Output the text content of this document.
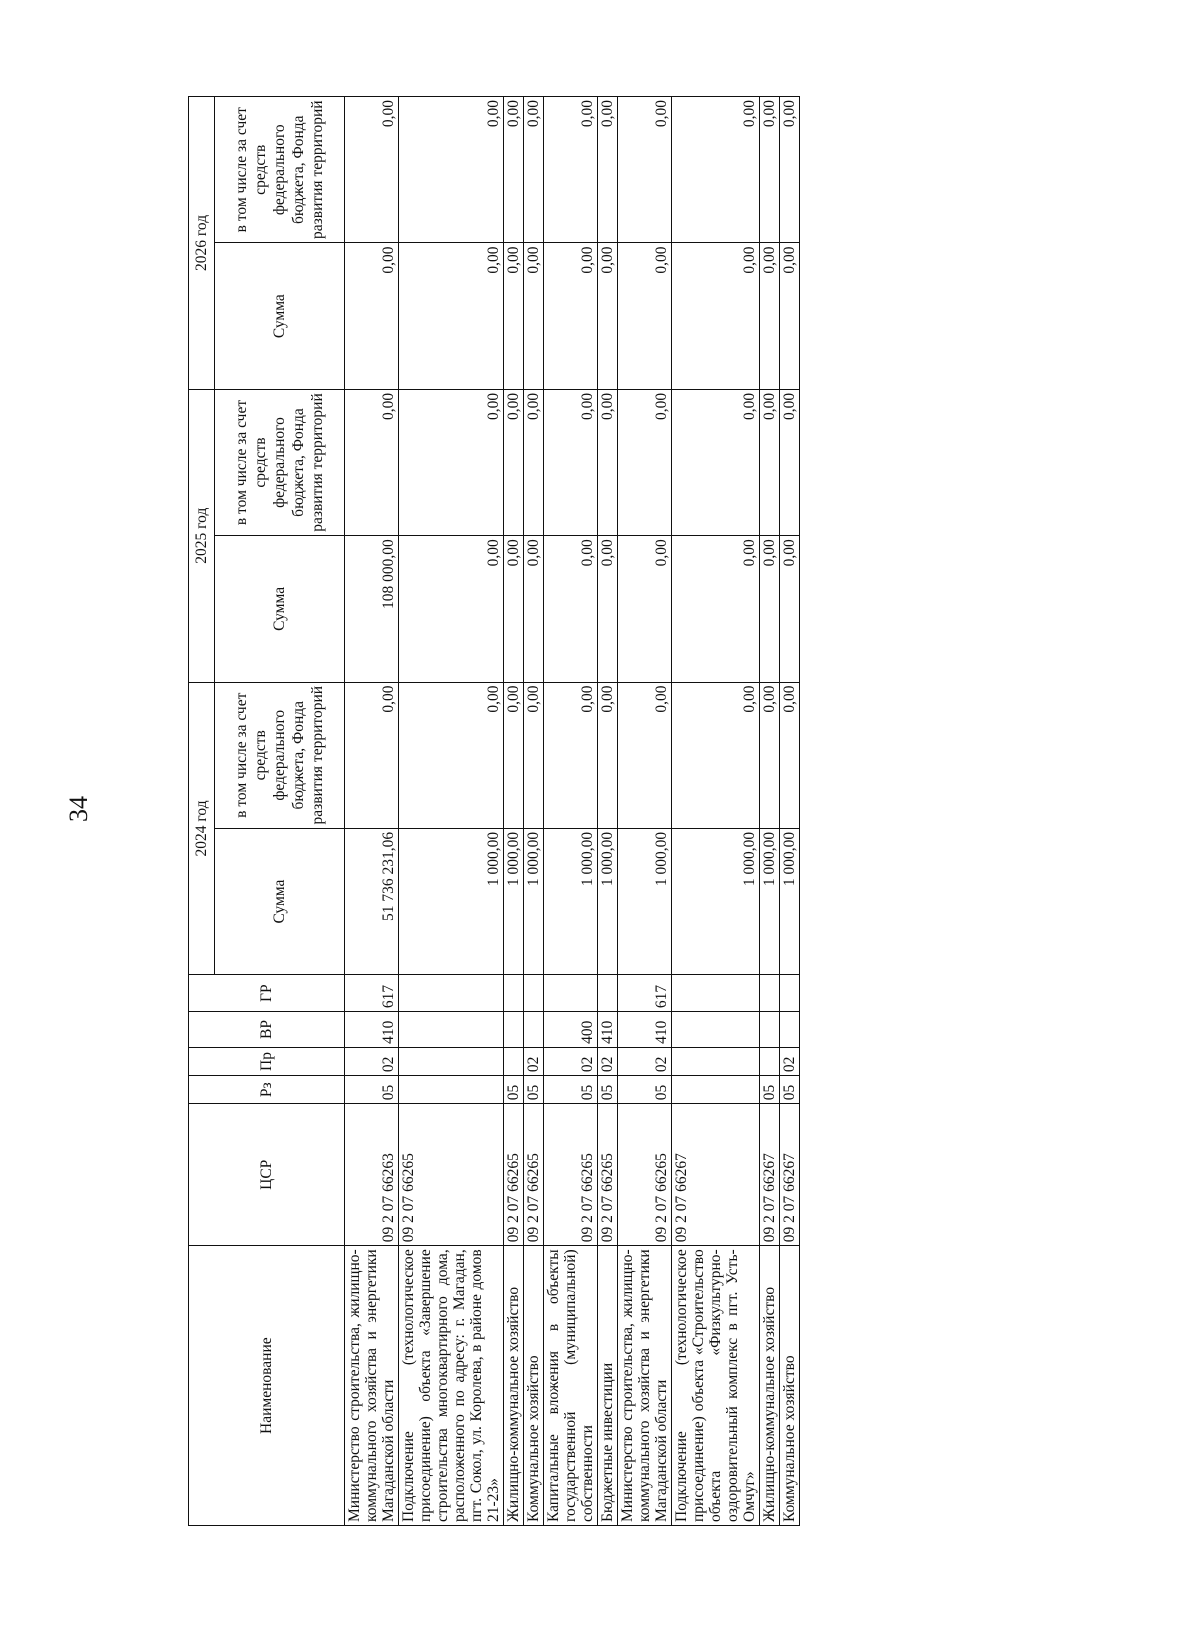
34
Наименование	ЦСР	Рз	Пр	ВР	ГР	2024 год		2025 год		2026 год	
						Сумма	в том числе за счет средств федерального бюджета, Фонда развития территорий	Сумма	в том числе за счет средств федерального бюджета, Фонда развития территорий	Сумма	в том числе за счет средств федерального бюджета, Фонда развития территорий
Министерство строительства, жилищно-коммунального хозяйства и энергетики Магаданской области	09 2 07 66263	05	02	410	617	51 736 231,06	0,00	108 000,00	0,00	0,00	0,00
Подключение (технологическое присоединение) объекта «Завершение строительства многоквартирного дома, расположенного по адресу: г. Магадан, пгт. Сокол, ул. Королева, в районе домов 21-23»	09 2 07 66265					1 000,00	0,00	0,00	0,00	0,00	0,00
Жилищно-коммунальное хозяйство	09 2 07 66265	05				1 000,00	0,00	0,00	0,00	0,00	0,00
Коммунальное хозяйство	09 2 07 66265	05	02			1 000,00	0,00	0,00	0,00	0,00	0,00
Капитальные вложения в объекты государственной (муниципальной) собственности	09 2 07 66265	05	02	400		1 000,00	0,00	0,00	0,00	0,00	0,00
Бюджетные инвестиции	09 2 07 66265	05	02	410		1 000,00	0,00	0,00	0,00	0,00	0,00
Министерство строительства, жилищно-коммунального хозяйства и энергетики Магаданской области	09 2 07 66265	05	02	410	617	1 000,00	0,00	0,00	0,00	0,00	0,00
Подключение (технологическое присоединение) объекта «Строительство объекта «Физкультурно-оздоровительный комплекс в пгт. Усть-Омчуг»	09 2 07 66267					1 000,00	0,00	0,00	0,00	0,00	0,00
Жилищно-коммунальное хозяйство	09 2 07 66267	05				1 000,00	0,00	0,00	0,00	0,00	0,00
Коммунальное хозяйство	09 2 07 66267	05	02			1 000,00	0,00	0,00	0,00	0,00	0,00
